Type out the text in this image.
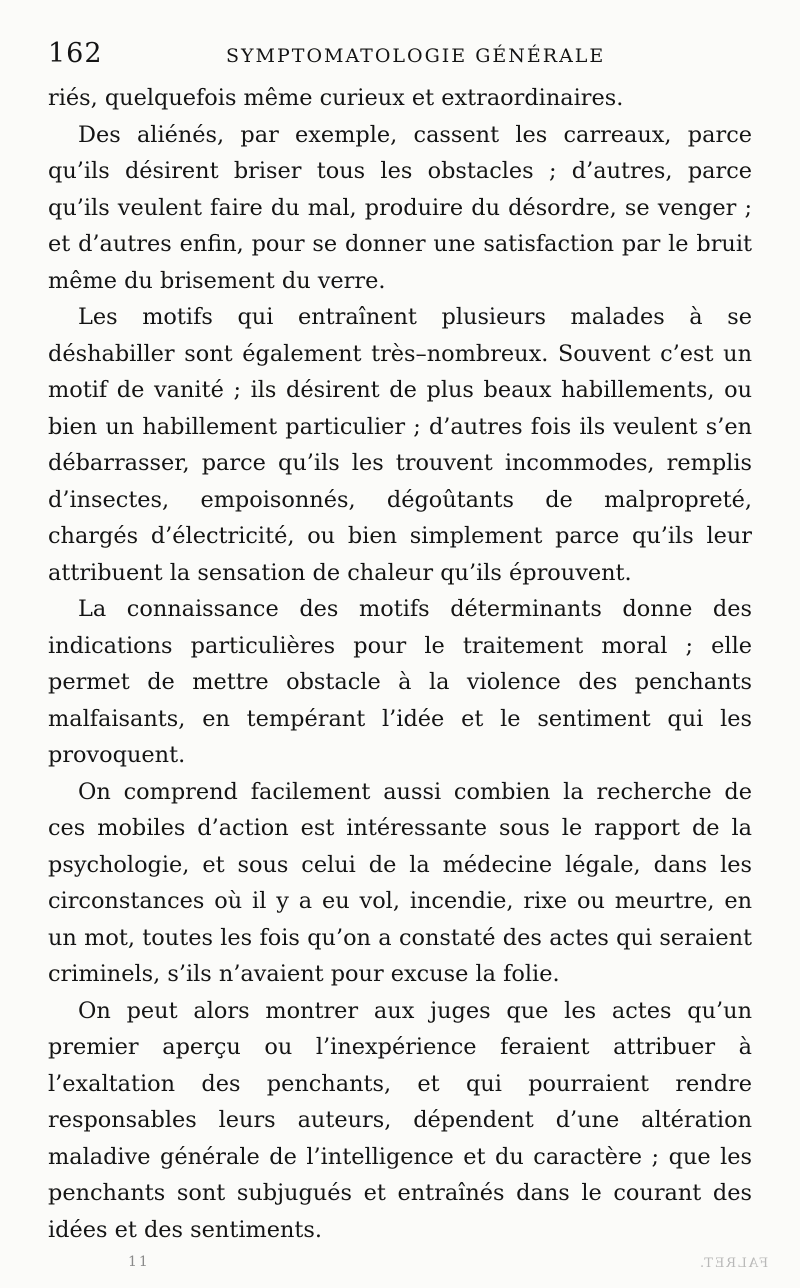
162	SYMPTOMATOLOGIE GÉNÉRALE

riés, quelquefois même curieux et extraordinaires.

Des aliénés, par exemple, cassent les carreaux, parce qu’ils désirent briser tous les obstacles ; d’autres, parce qu’ils veulent faire du mal, produire du désordre, se venger ; et d’autres enfin, pour se donner une satisfaction par le bruit même du brisement du verre.

Les motifs qui entraînent plusieurs malades à se déshabiller sont également très–nombreux. Souvent c’est un motif de vanité ; ils désirent de plus beaux habillements, ou bien un habillement particulier ; d’autres fois ils veulent s’en débarrasser, parce qu’ils les trouvent incommodes, remplis d’insectes, empoisonnés, dégoûtants de malpropreté, chargés d’électricité, ou bien simplement parce qu’ils leur attribuent la sensation de chaleur qu’ils éprouvent.

La connaissance des motifs déterminants donne des indications particulières pour le traitement moral ; elle permet de mettre obstacle à la violence des penchants malfaisants, en tempérant l’idée et le sentiment qui les provoquent.

On comprend facilement aussi combien la recherche de ces mobiles d’action est intéressante sous le rapport de la psychologie, et sous celui de la médecine légale, dans les circonstances où il y a eu vol, incendie, rixe ou meurtre, en un mot, toutes les fois qu’on a constaté des actes qui seraient criminels, s’ils n’avaient pour excuse la folie.

On peut alors montrer aux juges que les actes qu’un premier aperçu ou l’inexpérience feraient attribuer à l’exaltation des penchants, et qui pourraient rendre responsables leurs auteurs, dépendent d’une altération maladive générale de l’intelligence et du caractère ; que les penchants sont subjugués et entraînés dans le courant des idées et des sentiments.

11	FALRET.
